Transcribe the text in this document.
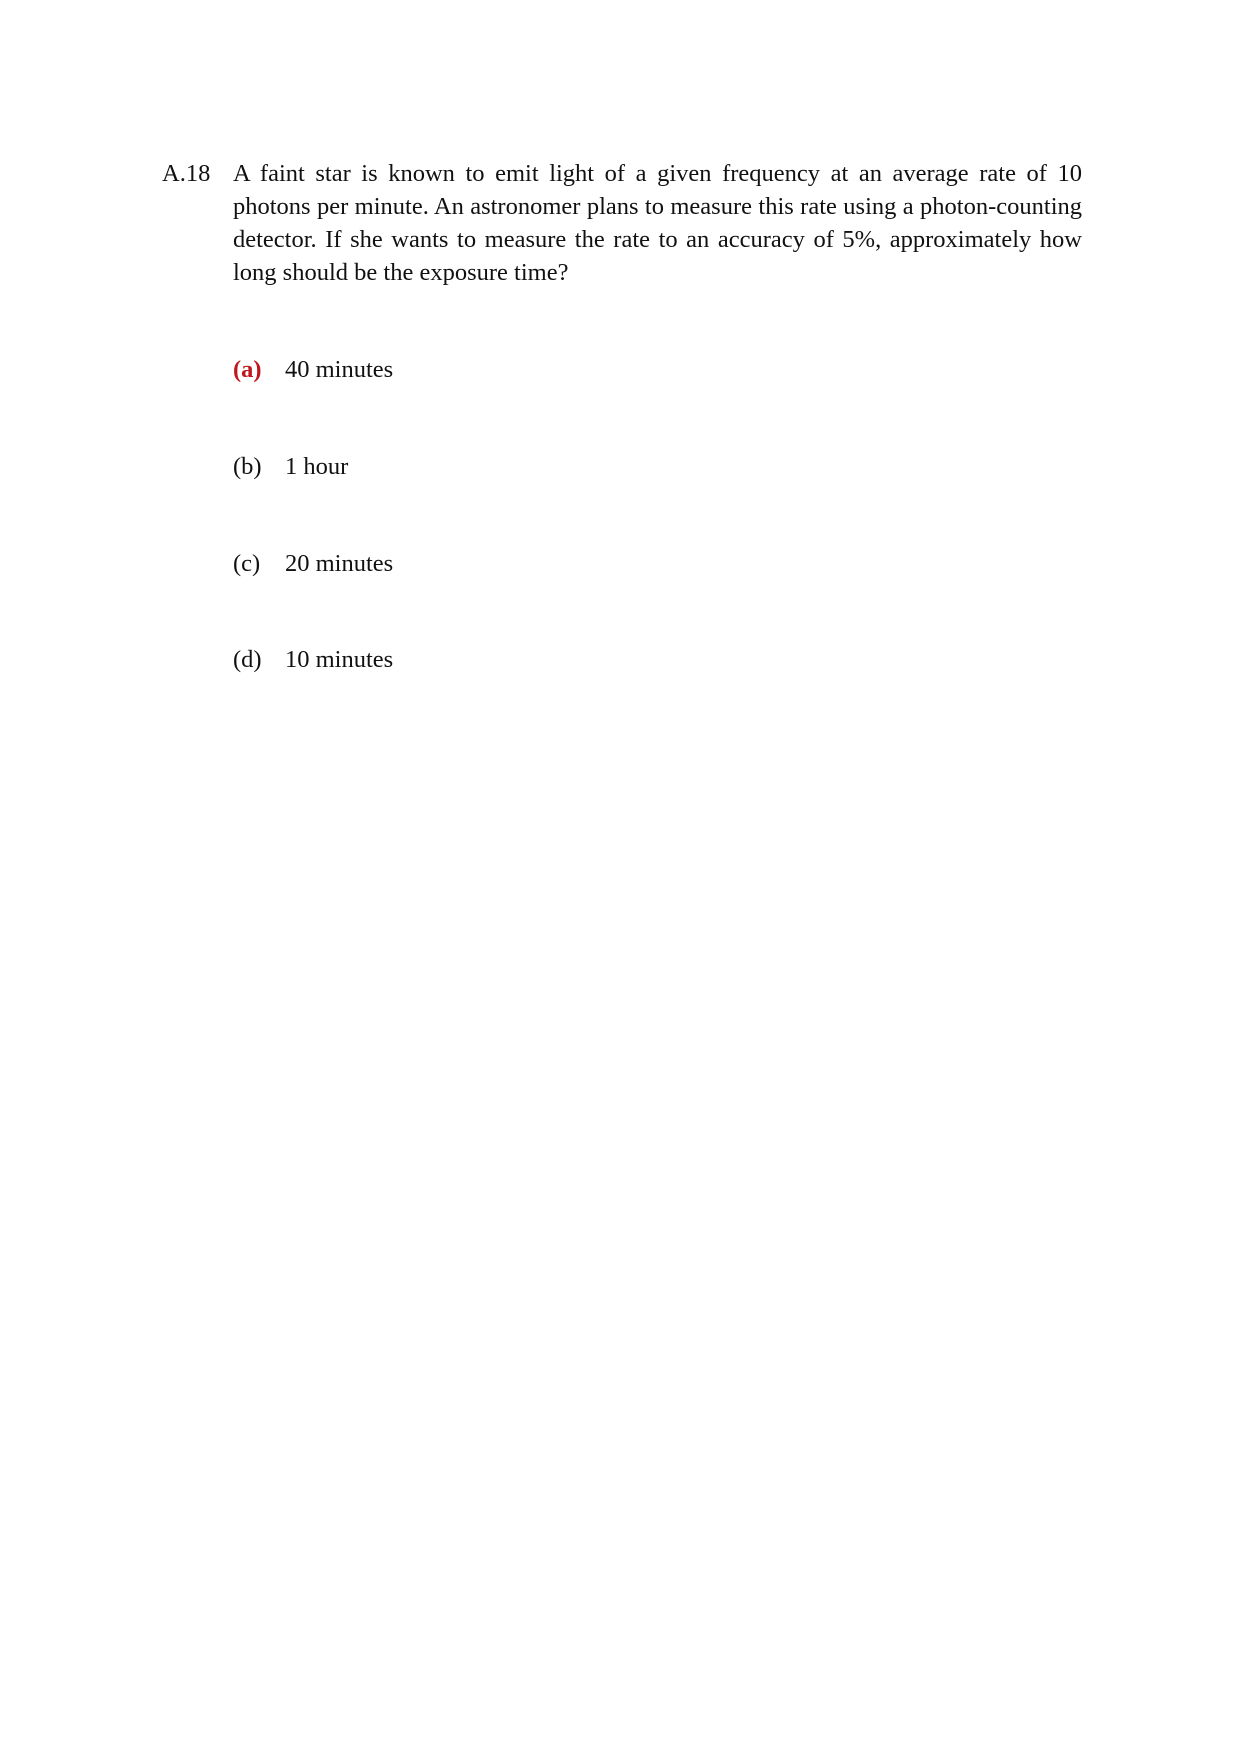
A.18 A faint star is known to emit light of a given frequency at an average rate of 10 photons per minute. An astronomer plans to measure this rate using a photon-counting detector. If she wants to measure the rate to an accuracy of 5%, approximately how long should be the exposure time?

(a) 40 minutes
(b) 1 hour
(c) 20 minutes
(d) 10 minutes
